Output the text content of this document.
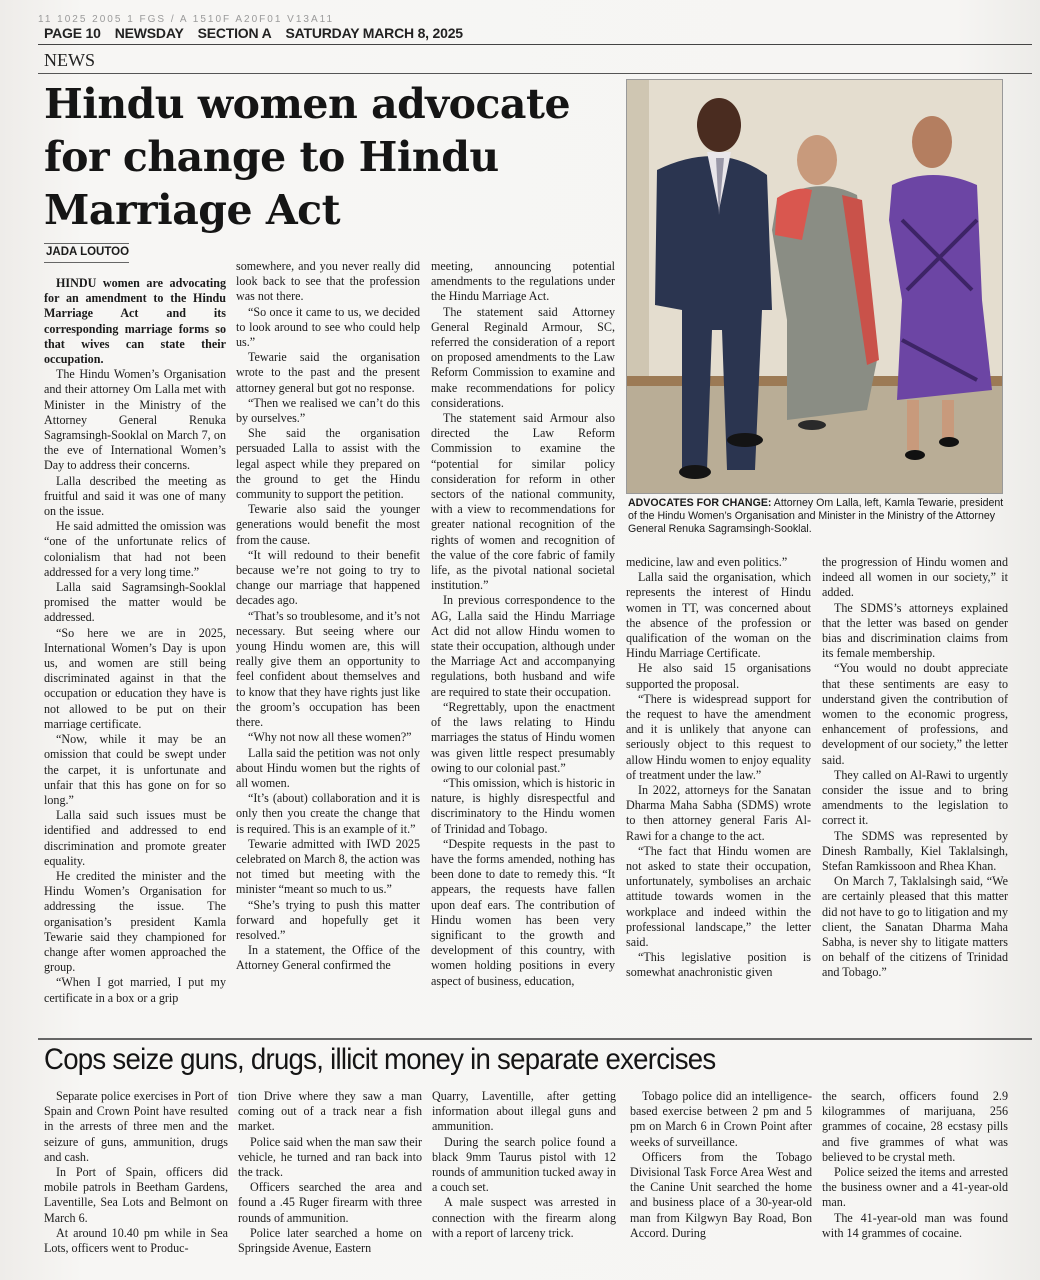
11 1025 2005 1 FGS / A 1510F A20F01 V13A11
PAGE 10 NEWSDAY SECTION A SATURDAY MARCH 8, 2025
NEWS
Hindu women advocate for change to Hindu Marriage Act
JADA LOUTOO

HINDU women are advocating for an amendment to the Hindu Marriage Act and its corresponding marriage forms so that wives can state their occupation.

The Hindu Women’s Organisation and their attorney Om Lalla met with Minister in the Ministry of the Attorney General Renuka Sagramsingh-Sooklal on March 7, on the eve of International Women’s Day to address their concerns.

Lalla described the meeting as fruitful and said it was one of many on the issue.

He said admitted the omission was “one of the unfortunate relics of colonialism that had not been addressed for a very long time.”

Lalla said Sagramsingh-Sooklal promised the matter would be addressed.

“So here we are in 2025, International Women’s Day is upon us, and women are still being discriminated against in that the occupation or education they have is not allowed to be put on their marriage certificate.

“Now, while it may be an omission that could be swept under the carpet, it is unfortunate and unfair that this has gone on for so long.”

Lalla said such issues must be identified and addressed to end discrimination and promote greater equality.

He credited the minister and the Hindu Women’s Organisation for addressing the issue. The organisation’s president Kamla Tewarie said they championed for change after women approached the group.

“When I got married, I put my certificate in a box or a grip

somewhere, and you never really did look back to see that the profession was not there.

“So once it came to us, we decided to look around to see who could help us.”

Tewarie said the organisation wrote to the past and the present attorney general but got no response.

“Then we realised we can’t do this by ourselves.”

She said the organisation persuaded Lalla to assist with the legal aspect while they prepared on the ground to get the Hindu community to support the petition.

Tewarie also said the younger generations would benefit the most from the cause.

“It will redound to their benefit because we’re not going to try to change our marriage that happened decades ago.

“That’s so troublesome, and it’s not necessary. But seeing where our young Hindu women are, this will really give them an opportunity to feel confident about themselves and to know that they have rights just like the groom’s occupation has been there.

“Why not now all these women?”

Lalla said the petition was not only about Hindu women but the rights of all women.

“It’s (about) collaboration and it is only then you create the change that is required. This is an example of it.”

Tewarie admitted with IWD 2025 celebrated on March 8, the action was not timed but meeting with the minister “meant so much to us.”

“She’s trying to push this matter forward and hopefully get it resolved.”

In a statement, the Office of the Attorney General confirmed the

meeting, announcing potential amendments to the regulations under the Hindu Marriage Act.

The statement said Attorney General Reginald Armour, SC, referred the consideration of a report on proposed amendments to the Law Reform Commission to examine and make recommendations for policy considerations.

The statement said Armour also directed the Law Reform Commission to examine the “potential for similar policy consideration for reform in other sectors of the national community, with a view to recommendations for greater national recognition of the rights of women and recognition of the value of the core fabric of family life, as the pivotal national societal institution.”

In previous correspondence to the AG, Lalla said the Hindu Marriage Act did not allow Hindu women to state their occupation, although under the Marriage Act and accompanying regulations, both husband and wife are required to state their occupation.

“Regrettably, upon the enactment of the laws relating to Hindu marriages the status of Hindu women was given little respect presumably owing to our colonial past.”

“This omission, which is historic in nature, is highly disrespectful and discriminatory to the Hindu women of Trinidad and Tobago.

“Despite requests in the past to have the forms amended, nothing has been done to date to remedy this. “It appears, the requests have fallen upon deaf ears. The contribution of Hindu women has been very significant to the growth and development of this country, with women holding positions in every aspect of business, education,

medicine, law and even politics.”

Lalla said the organisation, which represents the interest of Hindu women in TT, was concerned about the absence of the profession or qualification of the woman on the Hindu Marriage Certificate.

He also said 15 organisations supported the proposal.

“There is widespread support for the request to have the amendment and it is unlikely that anyone can seriously object to this request to allow Hindu women to enjoy equality of treatment under the law.”

In 2022, attorneys for the Sanatan Dharma Maha Sabha (SDMS) wrote to then attorney general Faris Al-Rawi for a change to the act.

“The fact that Hindu women are not asked to state their occupation, unfortunately, symbolises an archaic attitude towards women in the workplace and indeed within the professional landscape,” the letter said.

“This legislative position is somewhat anachronistic given

the progression of Hindu women and indeed all women in our society,” it added.

The SDMS’s attorneys explained that the letter was based on gender bias and discrimination claims from its female membership.

“You would no doubt appreciate that these sentiments are easy to understand given the contribution of women to the economic progress, enhancement of professions, and development of our society,” the letter said.

They called on Al-Rawi to urgently consider the issue and to bring amendments to the legislation to correct it.

The SDMS was represented by Dinesh Rambally, Kiel Taklalsingh, Stefan Ramkissoon and Rhea Khan.

On March 7, Taklalsingh said, “We are certainly pleased that this matter did not have to go to litigation and my client, the Sanatan Dharma Maha Sabha, is never shy to litigate matters on behalf of the citizens of Trinidad and Tobago.”

ADVOCATES FOR CHANGE: Attorney Om Lalla, left, Kamla Tewarie, president of the Hindu Women’s Organisation and Minister in the Ministry of the Attorney General Renuka Sagramsingh-Sooklal.
Cops seize guns, drugs, illicit money in separate exercises

Separate police exercises in Port of Spain and Crown Point have resulted in the arrests of three men and the seizure of guns, ammunition, drugs and cash.

In Port of Spain, officers did mobile patrols in Beetham Gardens, Laventille, Sea Lots and Belmont on March 6.

At around 10.40 pm while in Sea Lots, officers went to Produc-

tion Drive where they saw a man coming out of a track near a fish market.

Police said when the man saw their vehicle, he turned and ran back into the track.

Officers searched the area and found a .45 Ruger firearm with three rounds of ammunition.

Police later searched a home on Springside Avenue, Eastern

Quarry, Laventille, after getting information about illegal guns and ammunition.

During the search police found a black 9mm Taurus pistol with 12 rounds of ammunition tucked away in a couch set.

A male suspect was arrested in connection with the firearm along with a report of larceny trick.

Tobago police did an intelligence-based exercise between 2 pm and 5 pm on March 6 in Crown Point after weeks of surveillance.

Officers from the Tobago Divisional Task Force Area West and the Canine Unit searched the home and business place of a 30-year-old man from Kilgwyn Bay Road, Bon Accord. During

the search, officers found 2.9 kilogrammes of marijuana, 256 grammes of cocaine, 28 ecstasy pills and five grammes of what was believed to be crystal meth.

Police seized the items and arrested the business owner and a 41-year-old man.

The 41-year-old man was found with 14 grammes of cocaine.
